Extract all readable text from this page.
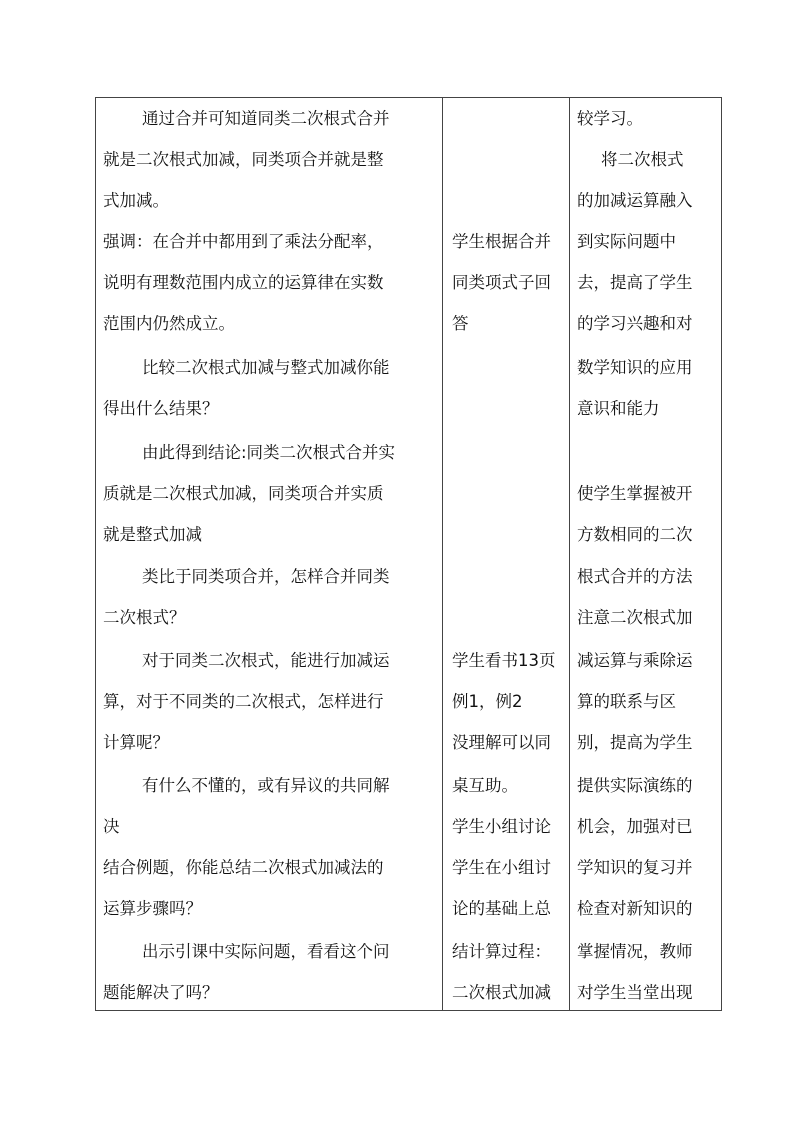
通过合并可知道同类二次根式合并
就是二次根式加减，同类项合并就是整
式加减。
强调：在合并中都用到了乘法分配率，
说明有理数范围内成立的运算律在实数
范围内仍然成立。
比较二次根式加减与整式加减你能
得出什么结果？
由此得到结论:同类二次根式合并实
质就是二次根式加减，同类项合并实质
就是整式加减
类比于同类项合并，怎样合并同类
二次根式？
对于同类二次根式，能进行加减运
算，对于不同类的二次根式，怎样进行
计算呢？
有什么不懂的，或有异议的共同解
决
结合例题，你能总结二次根式加减法的
运算步骤吗？
出示引课中实际问题，看看这个问
题能解决了吗？
学生根据合并
同类项式子回
答
学生看书13页
例1，例2
没理解可以同
桌互助。
学生小组讨论
学生在小组讨
论的基础上总
结计算过程：
二次根式加减
较学习。
将二次根式
的加减运算融入
到实际问题中
去，提高了学生
的学习兴趣和对
数学知识的应用
意识和能力
使学生掌握被开
方数相同的二次
根式合并的方法
注意二次根式加
减运算与乘除运
算的联系与区
别，提高为学生
提供实际演练的
机会，加强对已
学知识的复习并
检查对新知识的
掌握情况，教师
对学生当堂出现
